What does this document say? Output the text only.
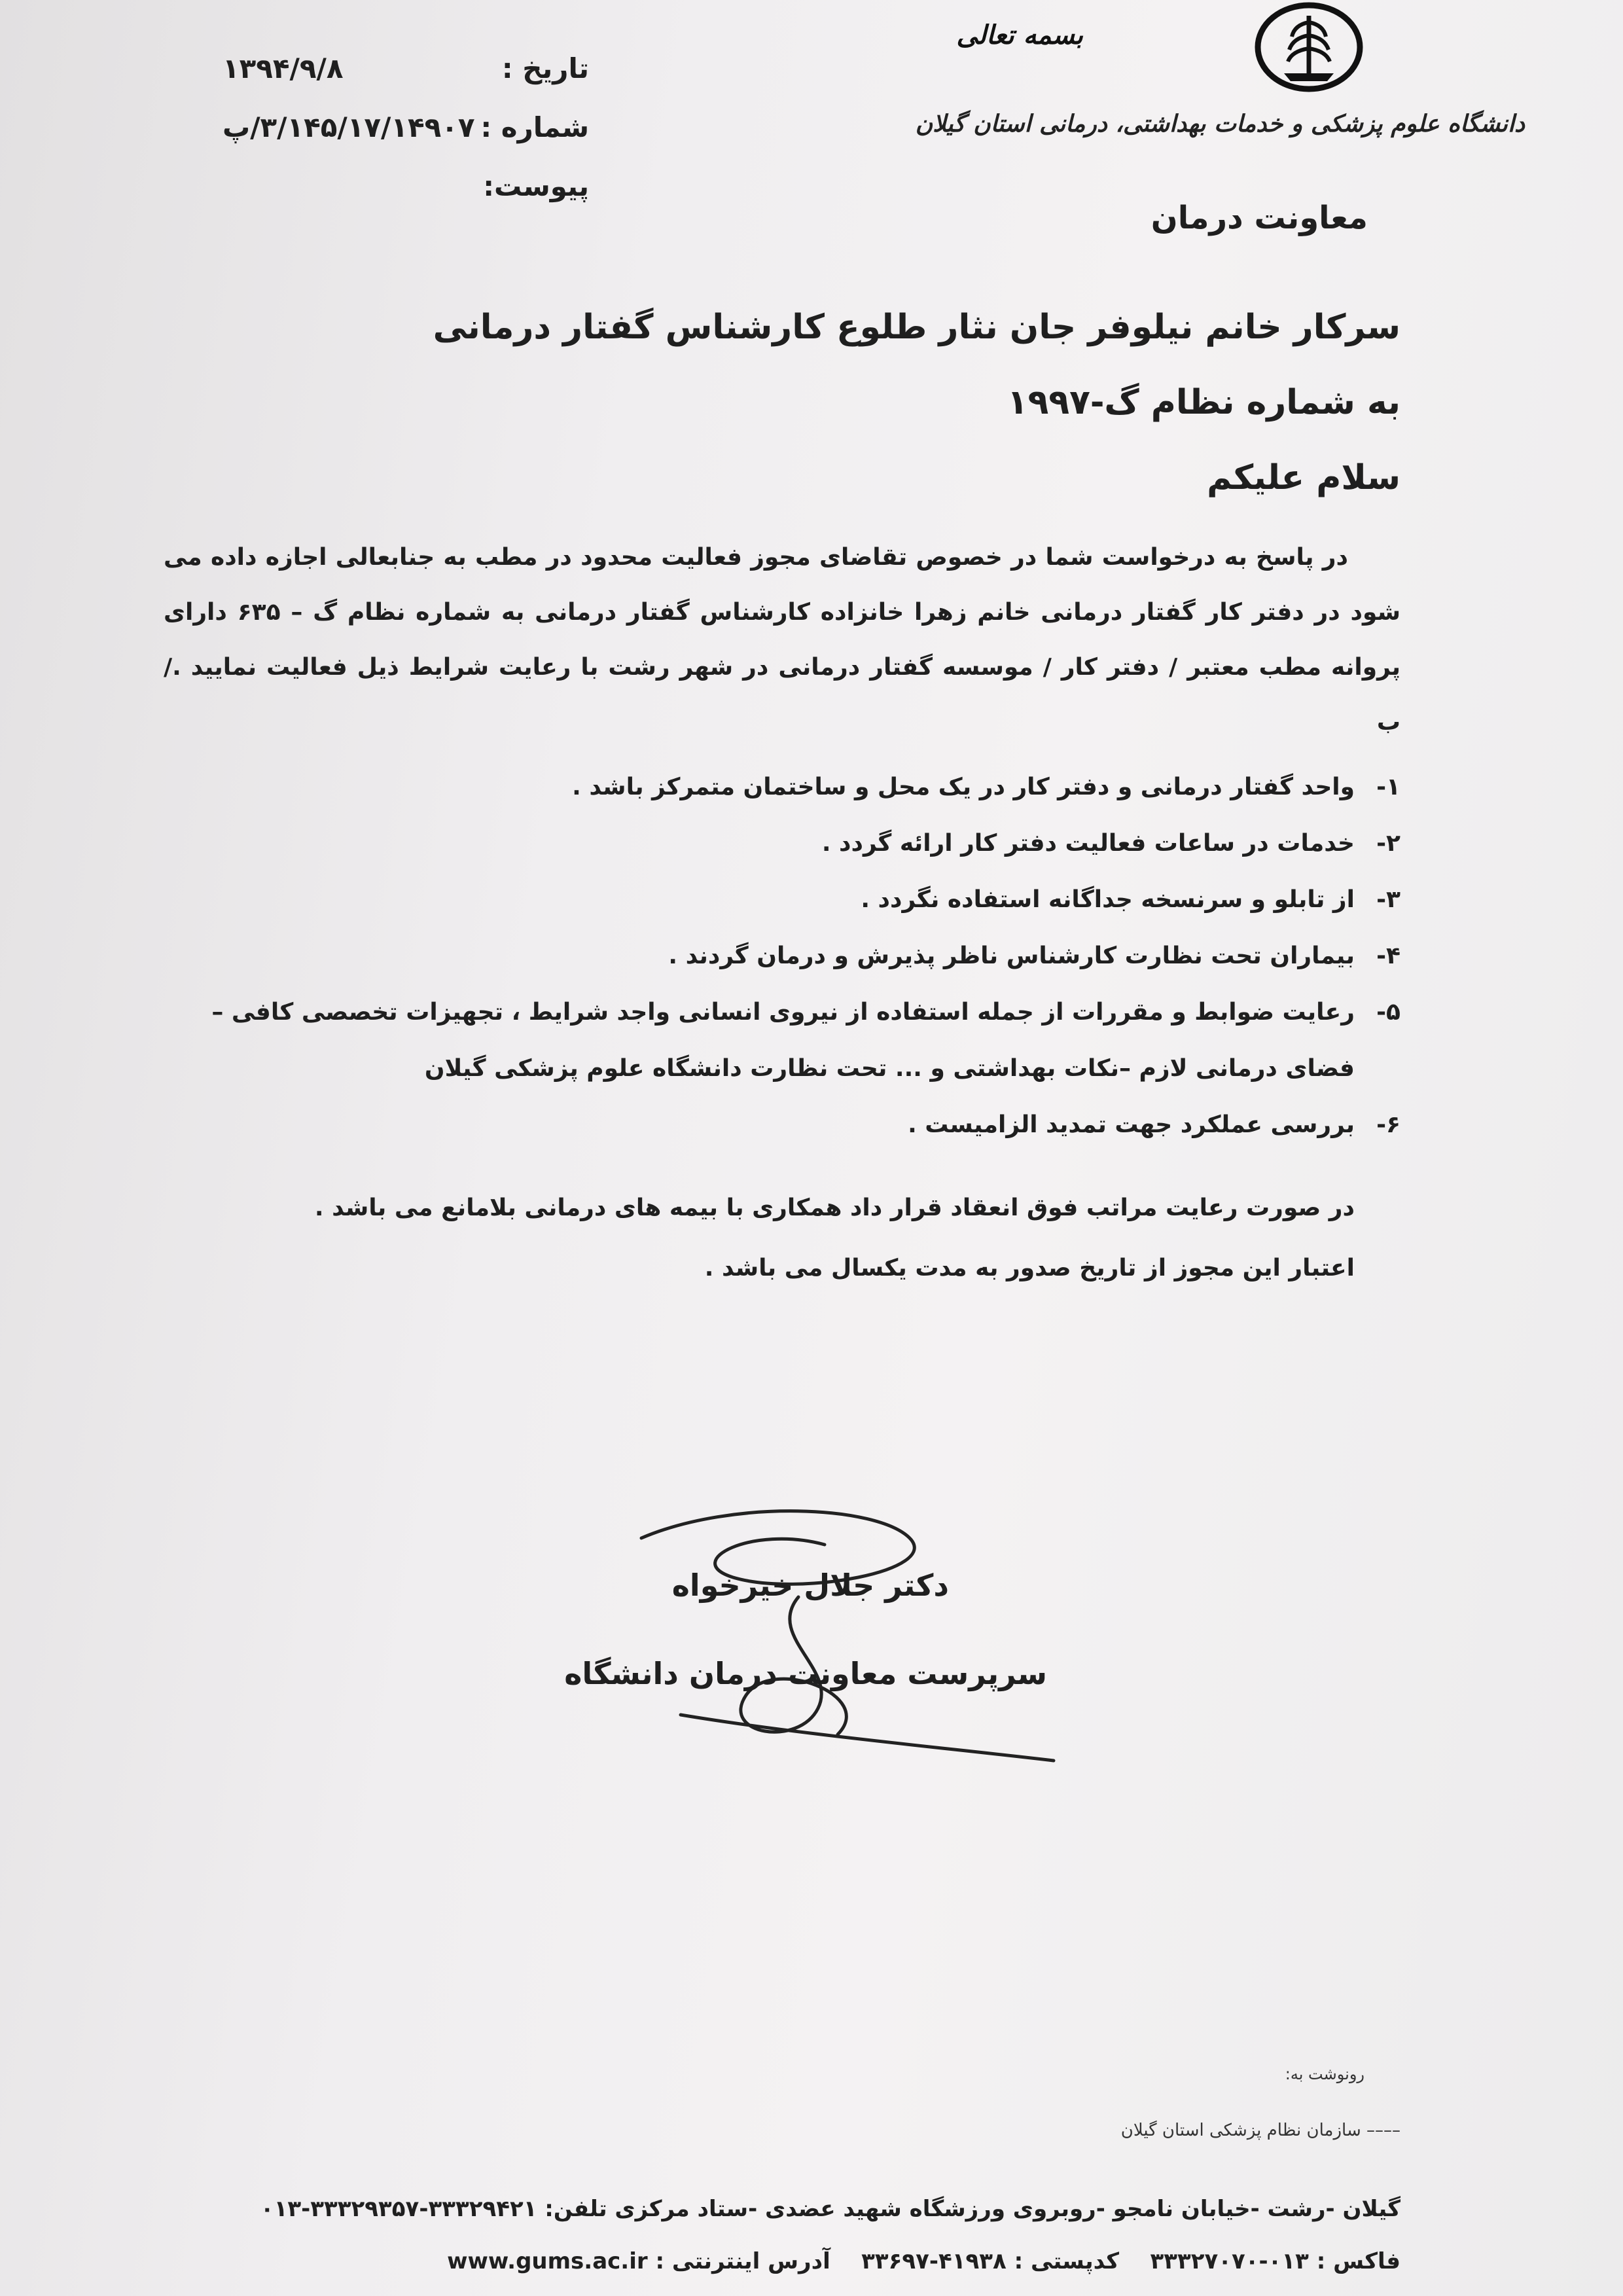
بسمه تعالی
دانشگاه علوم پزشکی و خدمات بهداشتی، درمانی استان گیلان
معاونت درمان
تاریخ :
۱۳۹۴/۹/۸
شماره :
۳/۱۴۵/۱۷/۱۴۹۰۷/پ
پیوست:
سرکار خانم نیلوفر جان نثار طلوع کارشناس گفتار درمانی
به شماره نظام گ-۱۹۹۷
سلام علیکم

در پاسخ به درخواست شما در خصوص تقاضای مجوز فعالیت محدود در مطب به جنابعالی اجازه داده می شود در دفتر کار گفتار درمانی خانم زهرا خانزاده کارشناس گفتار درمانی به شماره نظام گ – ۶۳۵ دارای پروانه مطب معتبر / دفتر کار / موسسه گفتار درمانی در شهر رشت با رعایت شرایط ذیل فعالیت نمایید ./ ب

۱-
واحد گفتار درمانی و دفتر کار در یک محل و ساختمان متمرکز باشد .
۲-
خدمات در ساعات فعالیت دفتر کار ارائه گردد .
۳-
از تابلو و سرنسخه جداگانه استفاده نگردد .
۴-
بیماران تحت نظارت کارشناس ناظر پذیرش و درمان گردند .
۵-
رعایت ضوابط و مقررات از جمله استفاده از نیروی انسانی واجد شرایط ، تجهیزات تخصصی کافی – فضای درمانی لازم –نکات بهداشتی و ... تحت نظارت دانشگاه علوم پزشکی گیلان
۶-
بررسی عملکرد جهت تمدید الزامیست .
در صورت رعایت مراتب فوق انعقاد قرار داد همکاری با بیمه های درمانی بلامانع می باشد .
اعتبار این مجوز از تاریخ صدور به مدت یکسال می باشد .
دکتر جلال خیرخواه
سرپرست معاونت درمان دانشگاه
رونوشت به:
–––– سازمان نظام پزشکی استان گیلان
گیلان -رشت -خیابان نامجو -روبروی ورزشگاه شهید عضدی -ستاد مرکزی تلفن: ۳۳۳۲۹۴۲۱-۳۳۳۲۹۳۵۷-۰۱۳
فاکس : ۰۱۳-۳۳۳۲۷۰۷۰    کدپستی : ۴۱۹۳۸-۳۳۶۹۷    آدرس اینترنتی : www.gums.ac.ir
